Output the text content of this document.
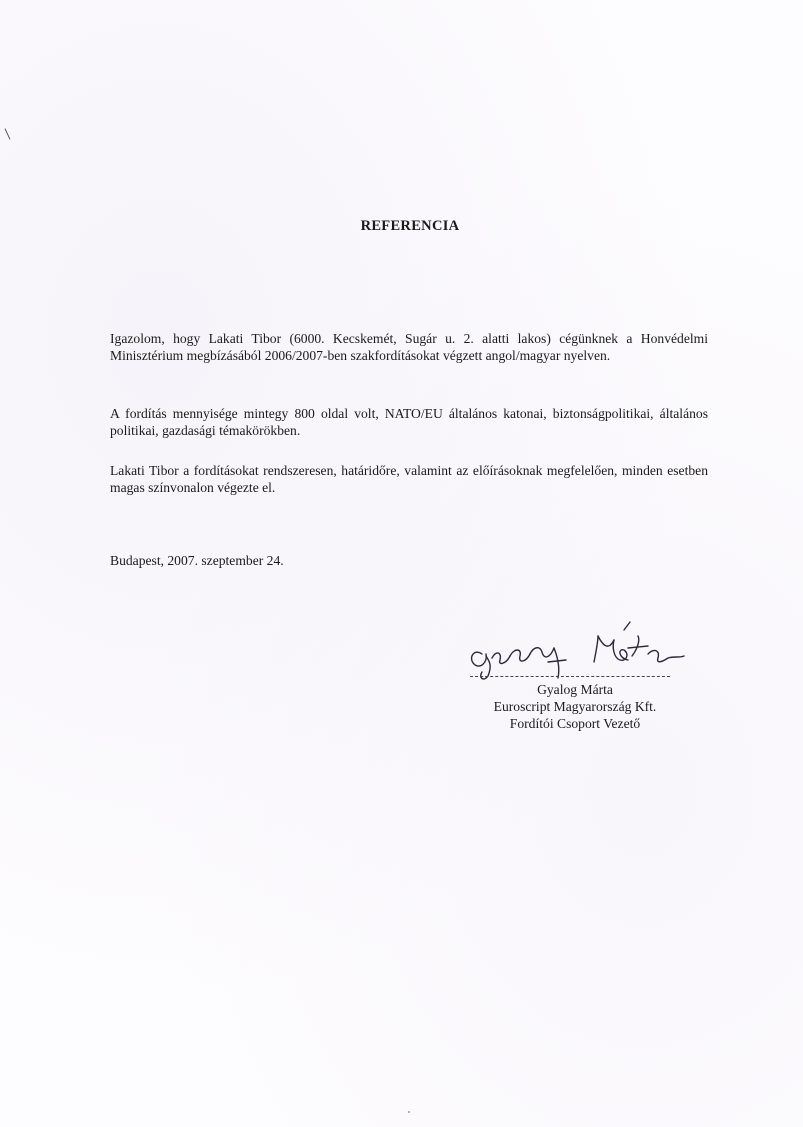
REFERENCIA
Igazolom, hogy Lakati Tibor (6000. Kecskemét, Sugár u. 2. alatti lakos) cégünknek a Honvédelmi Minisztérium megbízásából 2006/2007-ben szakfordításokat végzett angol/magyar nyelven.
A fordítás mennyisége mintegy 800 oldal volt, NATO/EU általános katonai, biztonságpolitikai, általános politikai, gazdasági témakörökben.
Lakati Tibor a fordításokat rendszeresen, határidőre, valamint az előírásoknak megfelelően, minden esetben magas színvonalon végezte el.
Budapest, 2007. szeptember 24.
Gyalog Márta
Euroscript Magyarország Kft.
Fordítói Csoport Vezető
